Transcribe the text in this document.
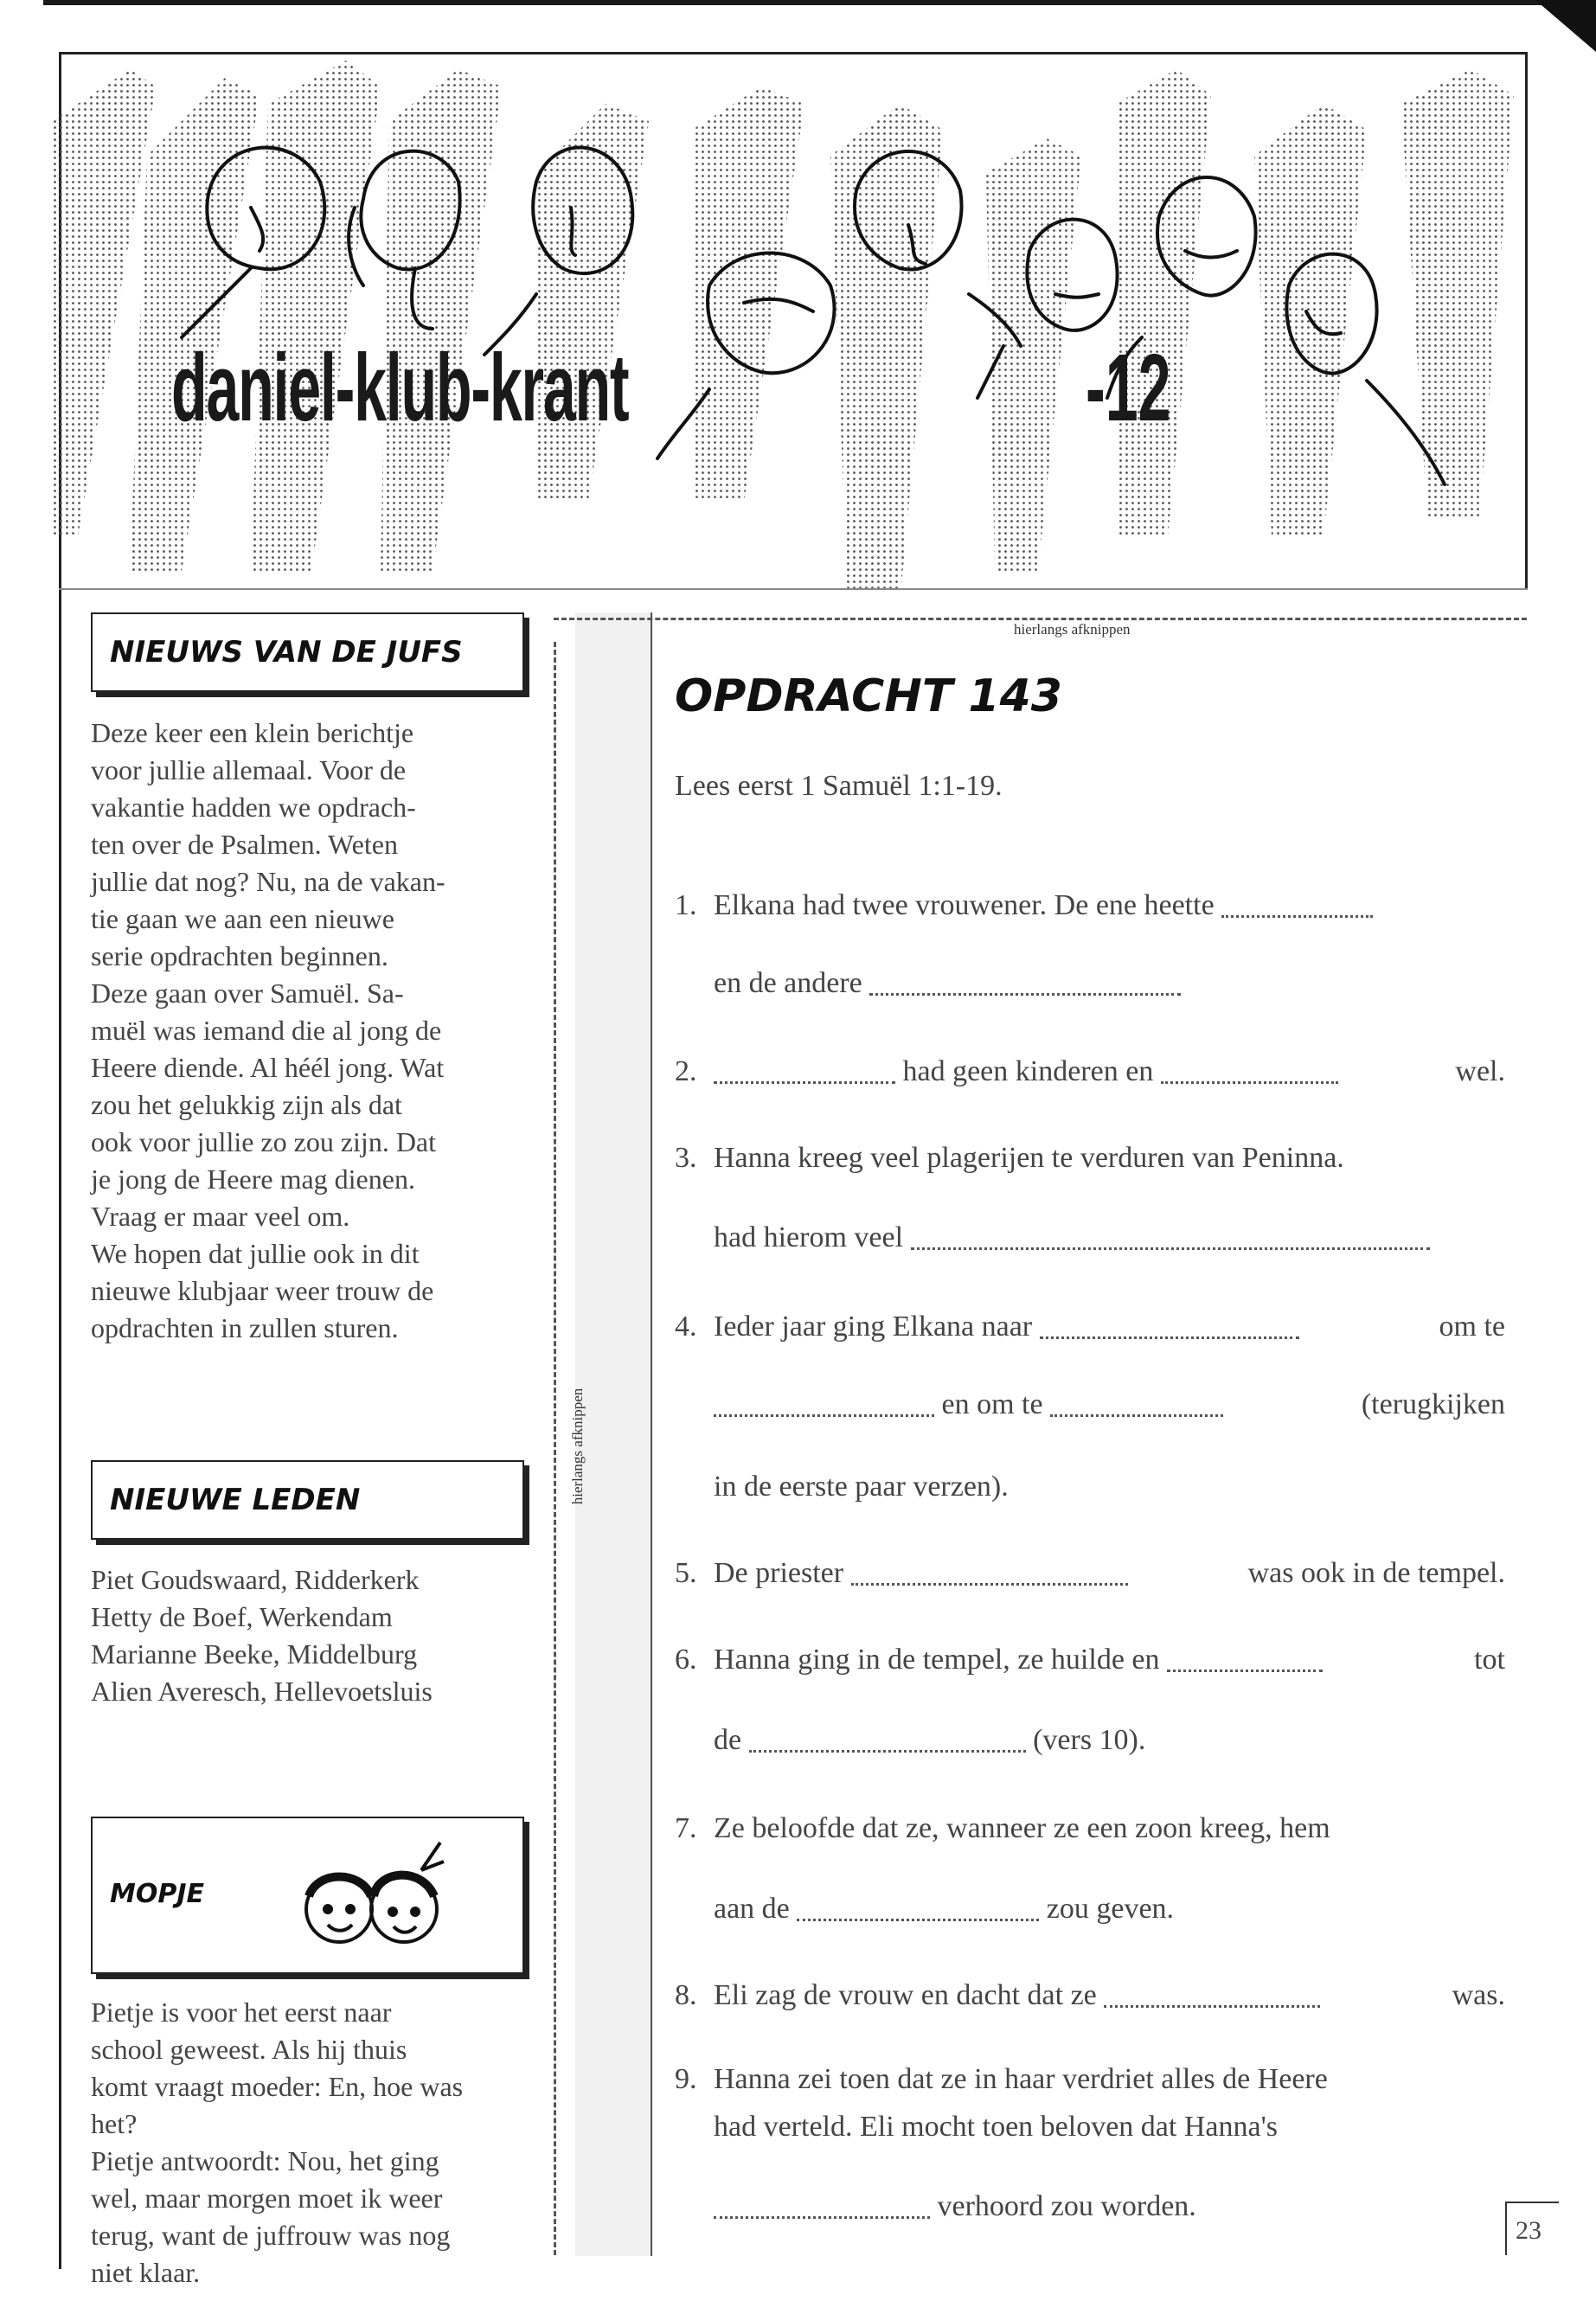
daniel-klub-krant	-12
NIEUWS VAN DE JUFS
Deze keer een klein berichtje
voor jullie allemaal. Voor de
vakantie hadden we opdrach-
ten over de Psalmen. Weten
jullie dat nog? Nu, na de vakan-
tie gaan we aan een nieuwe
serie opdrachten beginnen.
Deze gaan over Samuël. Sa-
muël was iemand die al jong de
Heere diende. Al héél jong. Wat
zou het gelukkig zijn als dat
ook voor jullie zo zou zijn. Dat
je jong de Heere mag dienen.
Vraag er maar veel om.
We hopen dat jullie ook in dit
nieuwe klubjaar weer trouw de
opdrachten in zullen sturen.
NIEUWE LEDEN
Piet Goudswaard, Ridderkerk
Hetty de Boef, Werkendam
Marianne Beeke, Middelburg
Alien Averesch, Hellevoetsluis
MOPJE
Pietje is voor het eerst naar
school geweest. Als hij thuis
komt vraagt moeder: En, hoe was
het?
Pietje antwoordt: Nou, het ging
wel, maar morgen moet ik weer
terug, want de juffrouw was nog
niet klaar.
hierlangs afknippen
hierlangs afknippen
OPDRACHT 143
Lees eerst 1 Samuël 1:1-19.
1. Elkana had twee vrouwener. De ene heette
en de andere
2.	had geen kinderen en	wel.
3. Hanna kreeg veel plagerijen te verduren van Peninna.
had hierom veel
4. Ieder jaar ging Elkana naar	om te
en om te	(terugkijken
in de eerste paar verzen).
5. De priester	was ook in de tempel.
6. Hanna ging in de tempel, ze huilde en	tot
de	(vers 10).
7. Ze beloofde dat ze, wanneer ze een zoon kreeg, hem
aan de	zou geven.
8. Eli zag de vrouw en dacht dat ze	was.
9. Hanna zei toen dat ze in haar verdriet alles de Heere
had verteld. Eli mocht toen beloven dat Hanna's
verhoord zou worden.
23
